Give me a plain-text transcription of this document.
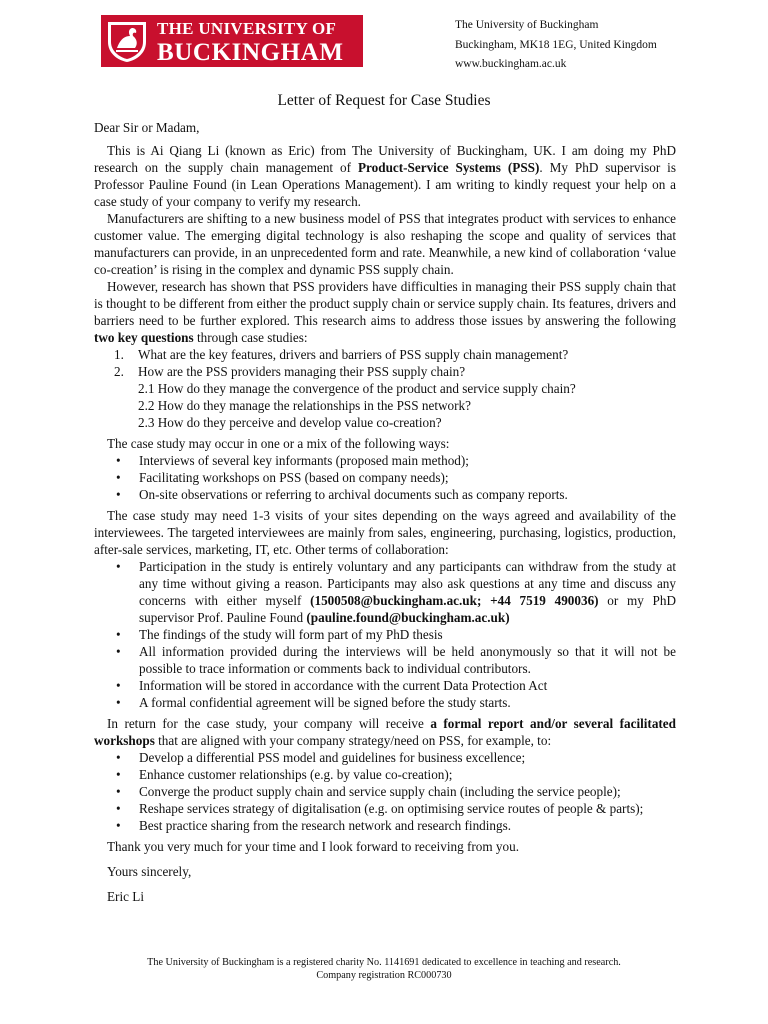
THE UNIVERSITY OF
BUCKINGHAM
The University of Buckingham
Buckingham, MK18 1EG, United Kingdom
www.buckingham.ac.uk
Letter of Request for Case Studies

Dear Sir or Madam,

This is Ai Qiang Li (known as Eric) from The University of Buckingham, UK. I am doing my PhD research on the supply chain management of Product-Service Systems (PSS). My PhD supervisor is Professor Pauline Found (in Lean Operations Management). I am writing to kindly request your help on a case study of your company to verify my research.

Manufacturers are shifting to a new business model of PSS that integrates product with services to enhance customer value. The emerging digital technology is also reshaping the scope and quality of services that manufacturers can provide, in an unprecedented form and rate. Meanwhile, a new kind of collaboration ‘value co-creation’ is rising in the complex and dynamic PSS supply chain.

However, research has shown that PSS providers have difficulties in managing their PSS supply chain that is thought to be different from either the product supply chain or service supply chain. Its features, drivers and barriers need to be further explored. This research aims to address those issues by answering the following two key questions through case studies:

1. What are the key features, drivers and barriers of PSS supply chain management?
2. How are the PSS providers managing their PSS supply chain?
2.1 How do they manage the convergence of the product and service supply chain?
2.2 How do they manage the relationships in the PSS network?
2.3 How do they perceive and develop value co-creation?

The case study may occur in one or a mix of the following ways:

• Interviews of several key informants (proposed main method);
• Facilitating workshops on PSS (based on company needs);
• On-site observations or referring to archival documents such as company reports.

The case study may need 1-3 visits of your sites depending on the ways agreed and availability of the interviewees. The targeted interviewees are mainly from sales, engineering, purchasing, logistics, production, after-sale services, marketing, IT, etc. Other terms of collaboration:

• Participation in the study is entirely voluntary and any participants can withdraw from the study at any time without giving a reason. Participants may also ask questions at any time and discuss any concerns with either myself (1500508@buckingham.ac.uk; +44 7519 490036) or my PhD supervisor Prof. Pauline Found (pauline.found@buckingham.ac.uk)
• The findings of the study will form part of my PhD thesis
• All information provided during the interviews will be held anonymously so that it will not be possible to trace information or comments back to individual contributors.
• Information will be stored in accordance with the current Data Protection Act
• A formal confidential agreement will be signed before the study starts.

In return for the case study, your company will receive a formal report and/or several facilitated workshops that are aligned with your company strategy/need on PSS, for example, to:

• Develop a differential PSS model and guidelines for business excellence;
• Enhance customer relationships (e.g. by value co-creation);
• Converge the product supply chain and service supply chain (including the service people);
• Reshape services strategy of digitalisation (e.g. on optimising service routes of people & parts);
• Best practice sharing from the research network and research findings.

Thank you very much for your time and I look forward to receiving from you.

Yours sincerely,

Eric Li

The University of Buckingham is a registered charity No. 1141691 dedicated to excellence in teaching and research.
Company registration RC000730
